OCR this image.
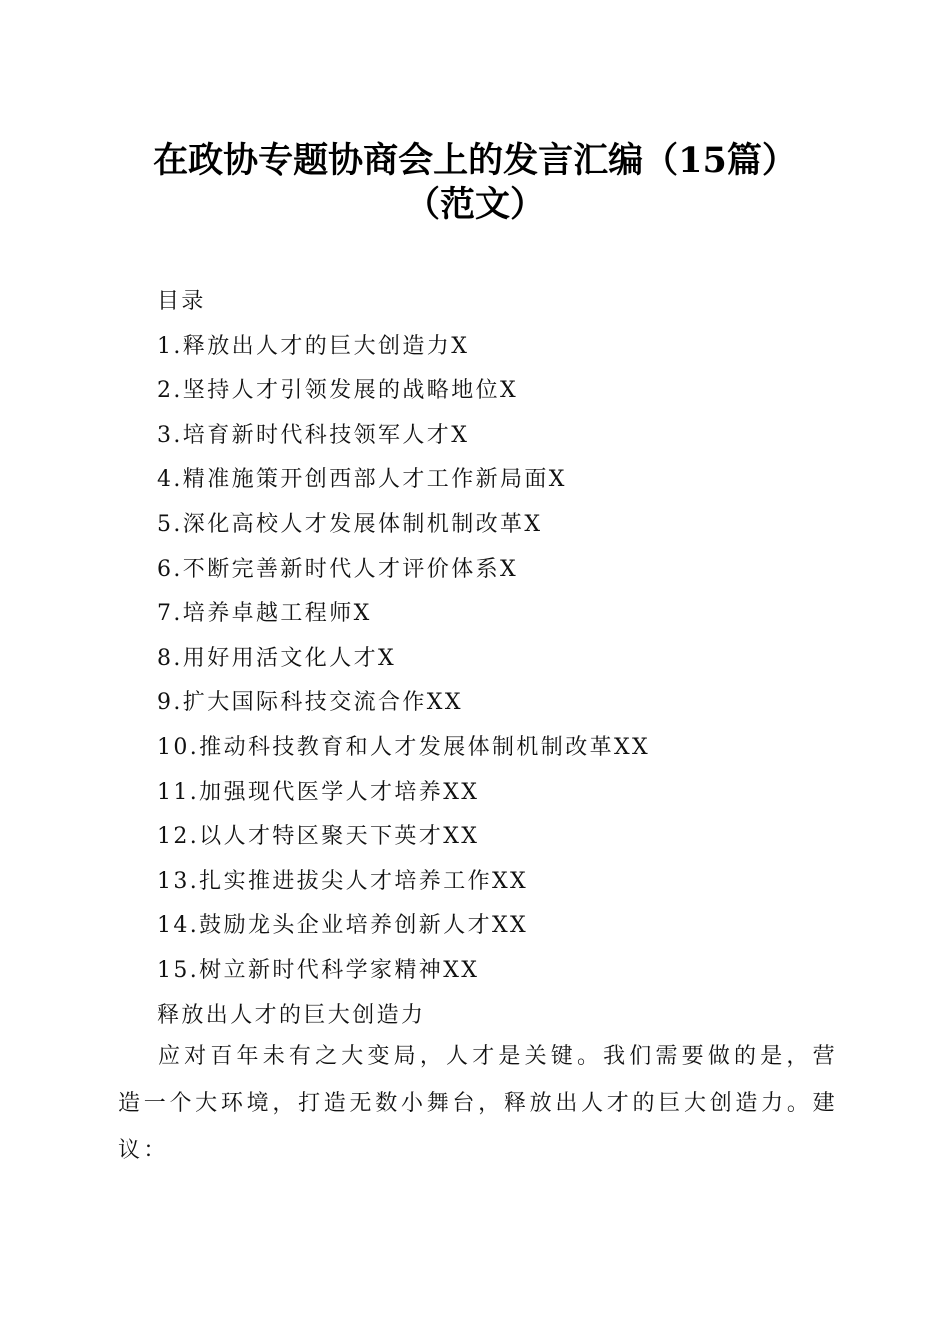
在政协专题协商会上的发言汇编（15篇）
（范文）
目录
1.释放出人才的巨大创造力X
2.坚持人才引领发展的战略地位X
3.培育新时代科技领军人才X
4.精准施策开创西部人才工作新局面X
5.深化高校人才发展体制机制改革X
6.不断完善新时代人才评价体系X
7.培养卓越工程师X
8.用好用活文化人才X
9.扩大国际科技交流合作XX
10.推动科技教育和人才发展体制机制改革XX
11.加强现代医学人才培养XX
12.以人才特区聚天下英才XX
13.扎实推进拔尖人才培养工作XX
14.鼓励龙头企业培养创新人才XX
15.树立新时代科学家精神XX
释放出人才的巨大创造力

应对百年未有之大变局，人才是关键。我们需要做的是，营造一个大环境，打造无数小舞台，释放出人才的巨大创造力。建议：
